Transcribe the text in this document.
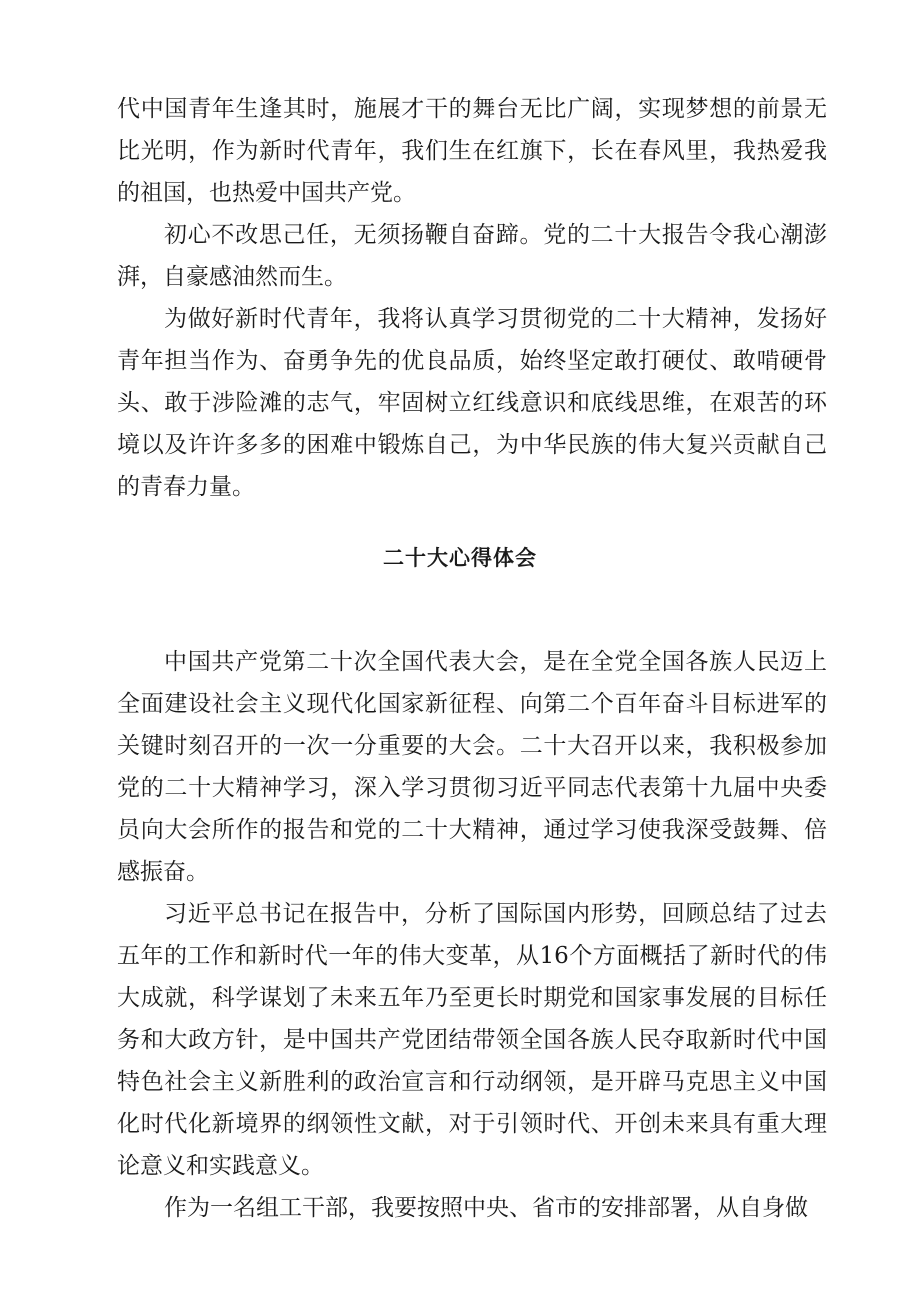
代中国青年生逢其时，施展才干的舞台无比广阔，实现梦想的前景无比光明，作为新时代青年，我们生在红旗下，长在春风里，我热爱我的祖国，也热爱中国共产党。

初心不改思己任，无须扬鞭自奋蹄。党的二十大报告令我心潮澎湃，自豪感油然而生。

为做好新时代青年，我将认真学习贯彻党的二十大精神，发扬好青年担当作为、奋勇争先的优良品质，始终坚定敢打硬仗、敢啃硬骨头、敢于涉险滩的志气，牢固树立红线意识和底线思维，在艰苦的环境以及许许多多的困难中锻炼自己，为中华民族的伟大复兴贡献自己的青春力量。

二十大心得体会

中国共产党第二十次全国代表大会，是在全党全国各族人民迈上全面建设社会主义现代化国家新征程、向第二个百年奋斗目标进军的关键时刻召开的一次一分重要的大会。二十大召开以来，我积极参加党的二十大精神学习，深入学习贯彻习近平同志代表第十九届中央委员向大会所作的报告和党的二十大精神，通过学习使我深受鼓舞、倍感振奋。

习近平总书记在报告中，分析了国际国内形势，回顾总结了过去五年的工作和新时代一年的伟大变革，从16个方面概括了新时代的伟大成就，科学谋划了未来五年乃至更长时期党和国家事发展的目标任务和大政方针，是中国共产党团结带领全国各族人民夺取新时代中国特色社会主义新胜利的政治宣言和行动纲领，是开辟马克思主义中国化时代化新境界的纲领性文献，对于引领时代、开创未来具有重大理论意义和实践意义。

作为一名组工干部，我要按照中央、省市的安排部署，从自身做
